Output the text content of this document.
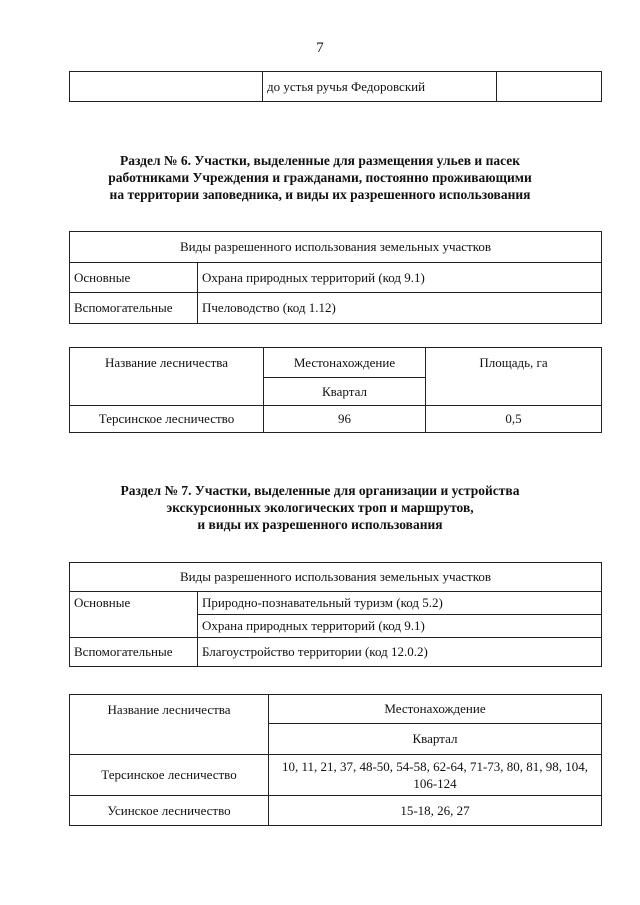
7
	до устья ручья Федоровский	
Раздел № 6. Участки, выделенные для размещения ульев и пасек
работниками Учреждения и гражданами, постоянно проживающими
на территории заповедника, и виды их разрешенного использования
Виды разрешенного использования земельных участков	
Основные	Охрана природных территорий (код 9.1)
Вспомогательные	Пчеловодство (код 1.12)
Название лесничества	Местонахождение	Площадь, га
	Квартал	
Терсинское лесничество	96	0,5
Раздел № 7. Участки, выделенные для организации и устройства
экскурсионных экологических троп и маршрутов,
и виды их разрешенного использования
Виды разрешенного использования земельных участков	
Основные	Природно-познавательный туризм (код 5.2)
	Охрана природных территорий (код 9.1)
Вспомогательные	Благоустройство территории (код 12.0.2)
Название лесничества	Местонахождение
	Квартал
Терсинское лесничество	10, 11, 21, 37, 48-50, 54-58, 62-64, 71-73, 80, 81, 98, 104,
106-124

Усинское лесничество	15-18, 26, 27
